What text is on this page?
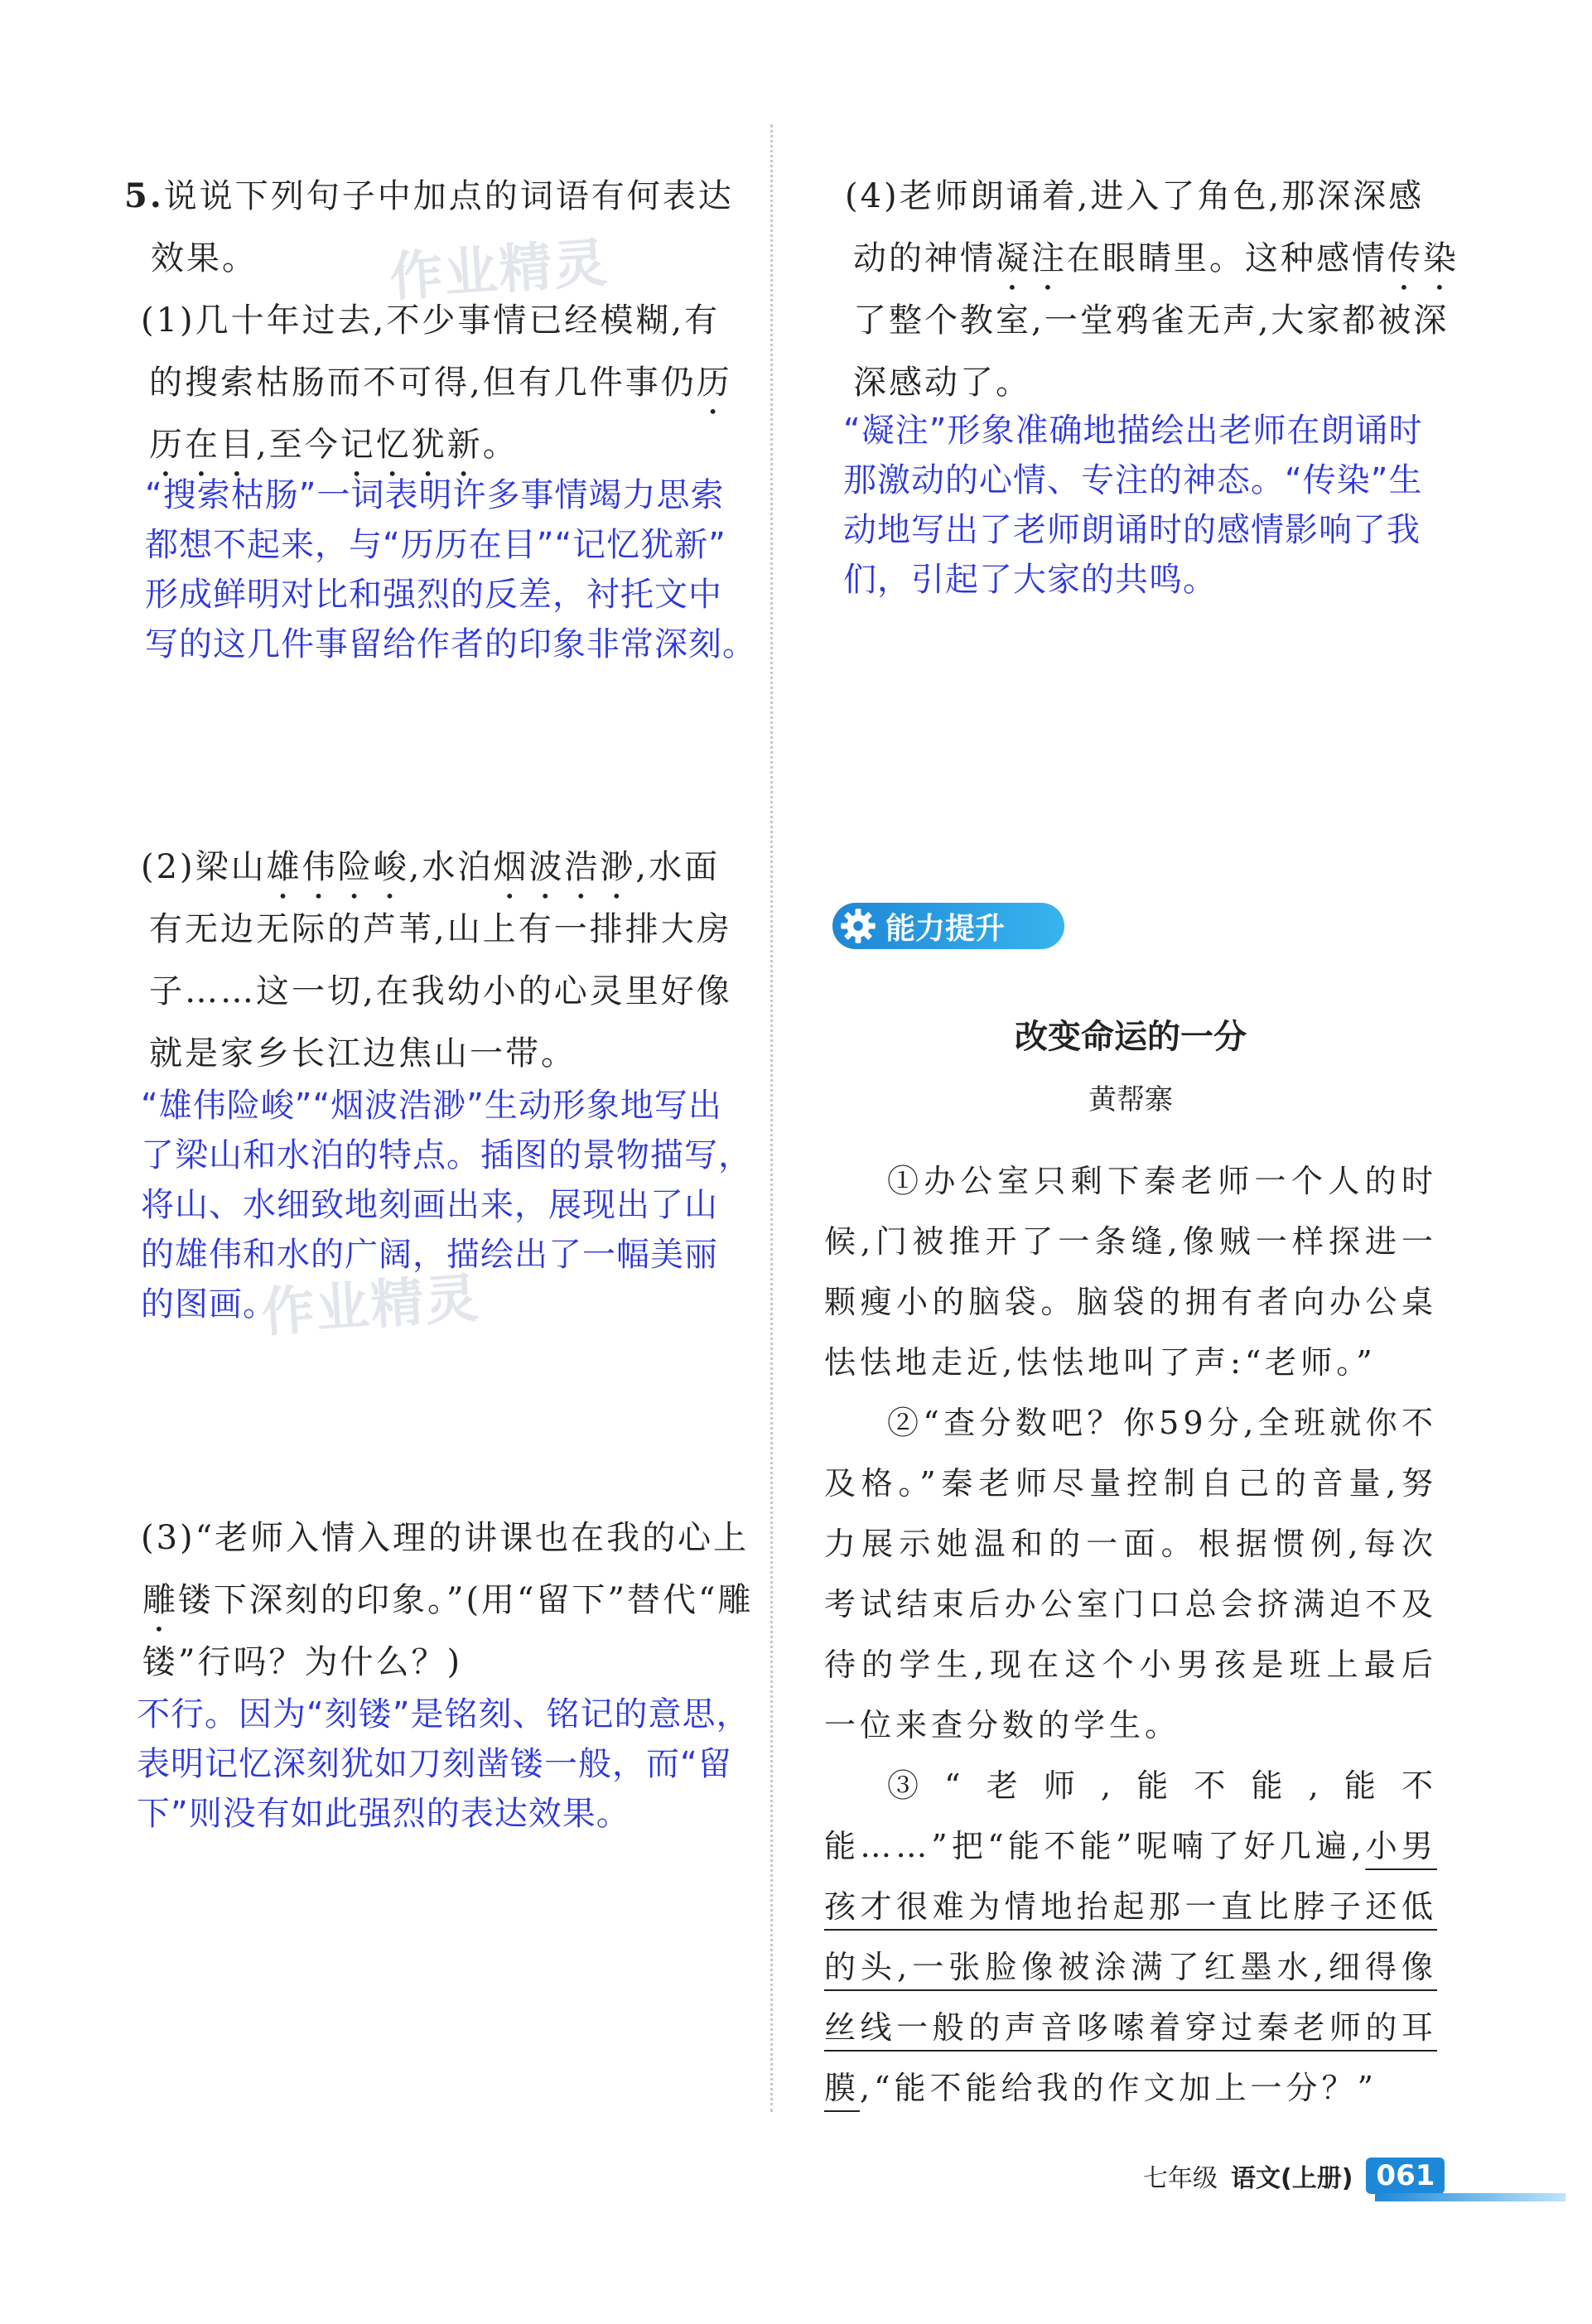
5.说说下列句子中加点的词语有何表达
效果。 作业精灵
(1)几十年过去,不少事情已经模糊,有
的搜索枯肠而不可得,但有几件事仍历
历在目,至今记忆犹新。
“搜索枯肠”一词表明许多事情竭力思索
都想不起来，与“历历在目”“记忆犹新”
形成鲜明对比和强烈的反差，衬托文中
写的这几件事留给作者的印象非常深刻。
(2)梁山雄伟险峻,水泊烟波浩渺,水面
有无边无际的芦苇,山上有一排排大房
子……这一切,在我幼小的心灵里好像
就是家乡长江边焦山一带。
“雄伟险峻”“烟波浩渺”生动形象地写出
了梁山和水泊的特点。插图的景物描写，
将山、水细致地刻画出来，展现出了山
的雄伟和水的广阔，描绘出了一幅美丽
的图画。
作业精灵
(3)“老师入情入理的讲课也在我的心上
雕镂下深刻的印象。”(用“留下”替代“雕
镂”行吗？为什么？)
不行。因为“刻镂”是铭刻、铭记的意思，
表明记忆深刻犹如刀刻凿镂一般，而“留
下”则没有如此强烈的表达效果。
(4)老师朗诵着,进入了角色,那深深感
动的神情凝注在眼睛里。这种感情传染
了整个教室,一堂鸦雀无声,大家都被深
深感动了。
“凝注”形象准确地描绘出老师在朗诵时
那激动的心情、专注的神态。“传染”生
动地写出了老师朗诵时的感情影响了我
们，引起了大家的共鸣。
能力提升
改变命运的一分
黄帮寨

①办公室只剩下秦老师一个人的时候,门被推开了一条缝,像贼一样探进一颗瘦小的脑袋。脑袋的拥有者向办公桌怯怯地走近,怯怯地叫了声:“老师。”

②“查分数吧？你59分,全班就你不及格。”秦老师尽量控制自己的音量,努力展示她温和的一面。根据惯例,每次考试结束后办公室门口总会挤满迫不及待的学生,现在这个小男孩是班上最后一位来查分数的学生。

③“老师,能不能,能不能……”把“能不能”呢喃了好几遍,小男孩才很难为情地抬起那一直比脖子还低的头,一张脸像被涂满了红墨水,细得像丝线一般的声音哆嗦着穿过秦老师的耳膜,“能不能给我的作文加上一分？”

七年级 语文(上册) 061
